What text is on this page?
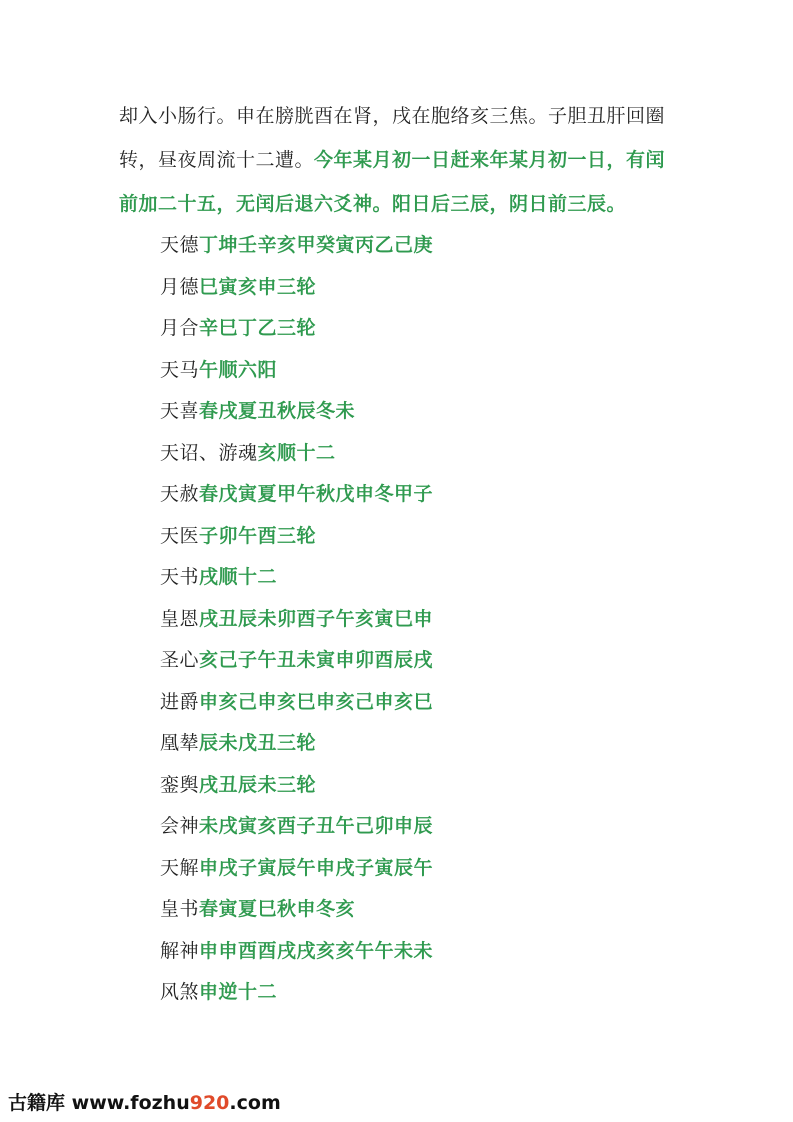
却入小肠行。申在膀胱酉在肾，戌在胞络亥三焦。子胆丑肝回圈
转，昼夜周流十二遭。今年某月初一日赶来年某月初一日，有闰
前加二十五，无闰后退六爻神。阳日后三辰，阴日前三辰。
天德丁坤壬辛亥甲癸寅丙乙己庚
月德巳寅亥申三轮
月合辛巳丁乙三轮
天马午顺六阳
天喜春戌夏丑秋辰冬未
天诏、游魂亥顺十二
天赦春戊寅夏甲午秋戊申冬甲子
天医子卯午酉三轮
天书戌顺十二
皇恩戌丑辰未卯酉子午亥寅巳申
圣心亥己子午丑未寅申卯酉辰戌
进爵申亥己申亥巳申亥己申亥巳
凰辇辰未戊丑三轮
銮舆戌丑辰未三轮
会神未戌寅亥酉子丑午己卯申辰
天解申戌子寅辰午申戌子寅辰午
皇书春寅夏巳秋申冬亥
解神申申酉酉戌戌亥亥午午未未
风煞申逆十二
古籍库 www.fozhu920.com
